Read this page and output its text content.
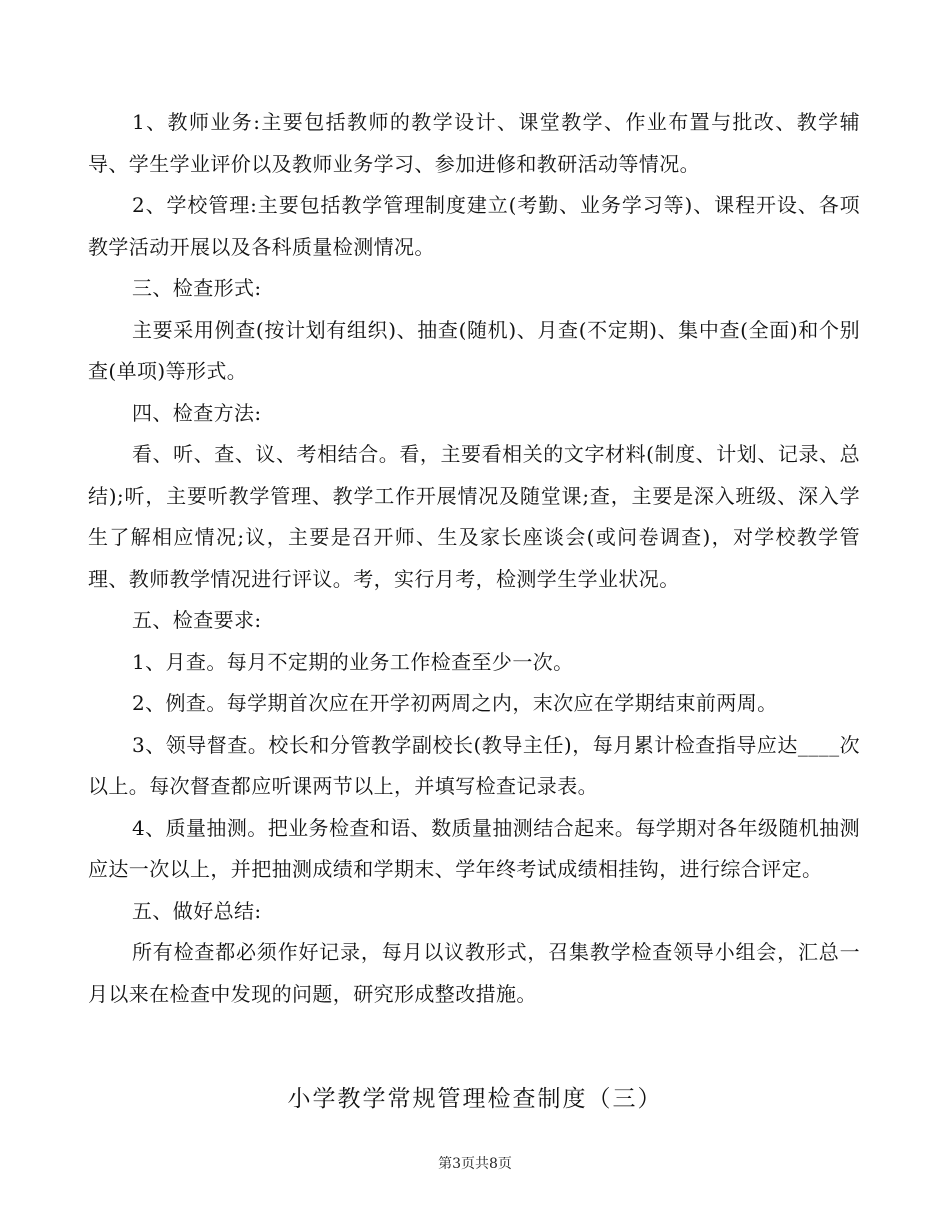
1、教师业务:主要包括教师的教学设计、课堂教学、作业布置与批改、教学辅导、学生学业评价以及教师业务学习、参加进修和教研活动等情况。

2、学校管理:主要包括教学管理制度建立(考勤、业务学习等)、课程开设、各项教学活动开展以及各科质量检测情况。

三、检查形式:

主要采用例查(按计划有组织)、抽查(随机)、月查(不定期)、集中查(全面)和个别查(单项)等形式。

四、检查方法:

看、听、查、议、考相结合。看，主要看相关的文字材料(制度、计划、记录、总结);听，主要听教学管理、教学工作开展情况及随堂课;查，主要是深入班级、深入学生了解相应情况;议，主要是召开师、生及家长座谈会(或问卷调查)，对学校教学管理、教师教学情况进行评议。考，实行月考，检测学生学业状况。

五、检查要求:

1、月查。每月不定期的业务工作检查至少一次。

2、例查。每学期首次应在开学初两周之内，末次应在学期结束前两周。

3、领导督查。校长和分管教学副校长(教导主任)，每月累计检查指导应达____次以上。每次督查都应听课两节以上，并填写检查记录表。

4、质量抽测。把业务检查和语、数质量抽测结合起来。每学期对各年级随机抽测应达一次以上，并把抽测成绩和学期末、学年终考试成绩相挂钩，进行综合评定。

五、做好总结:

所有检查都必须作好记录，每月以议教形式，召集教学检查领导小组会，汇总一月以来在检查中发现的问题，研究形成整改措施。

小学教学常规管理检查制度（三）
第3页共8页
